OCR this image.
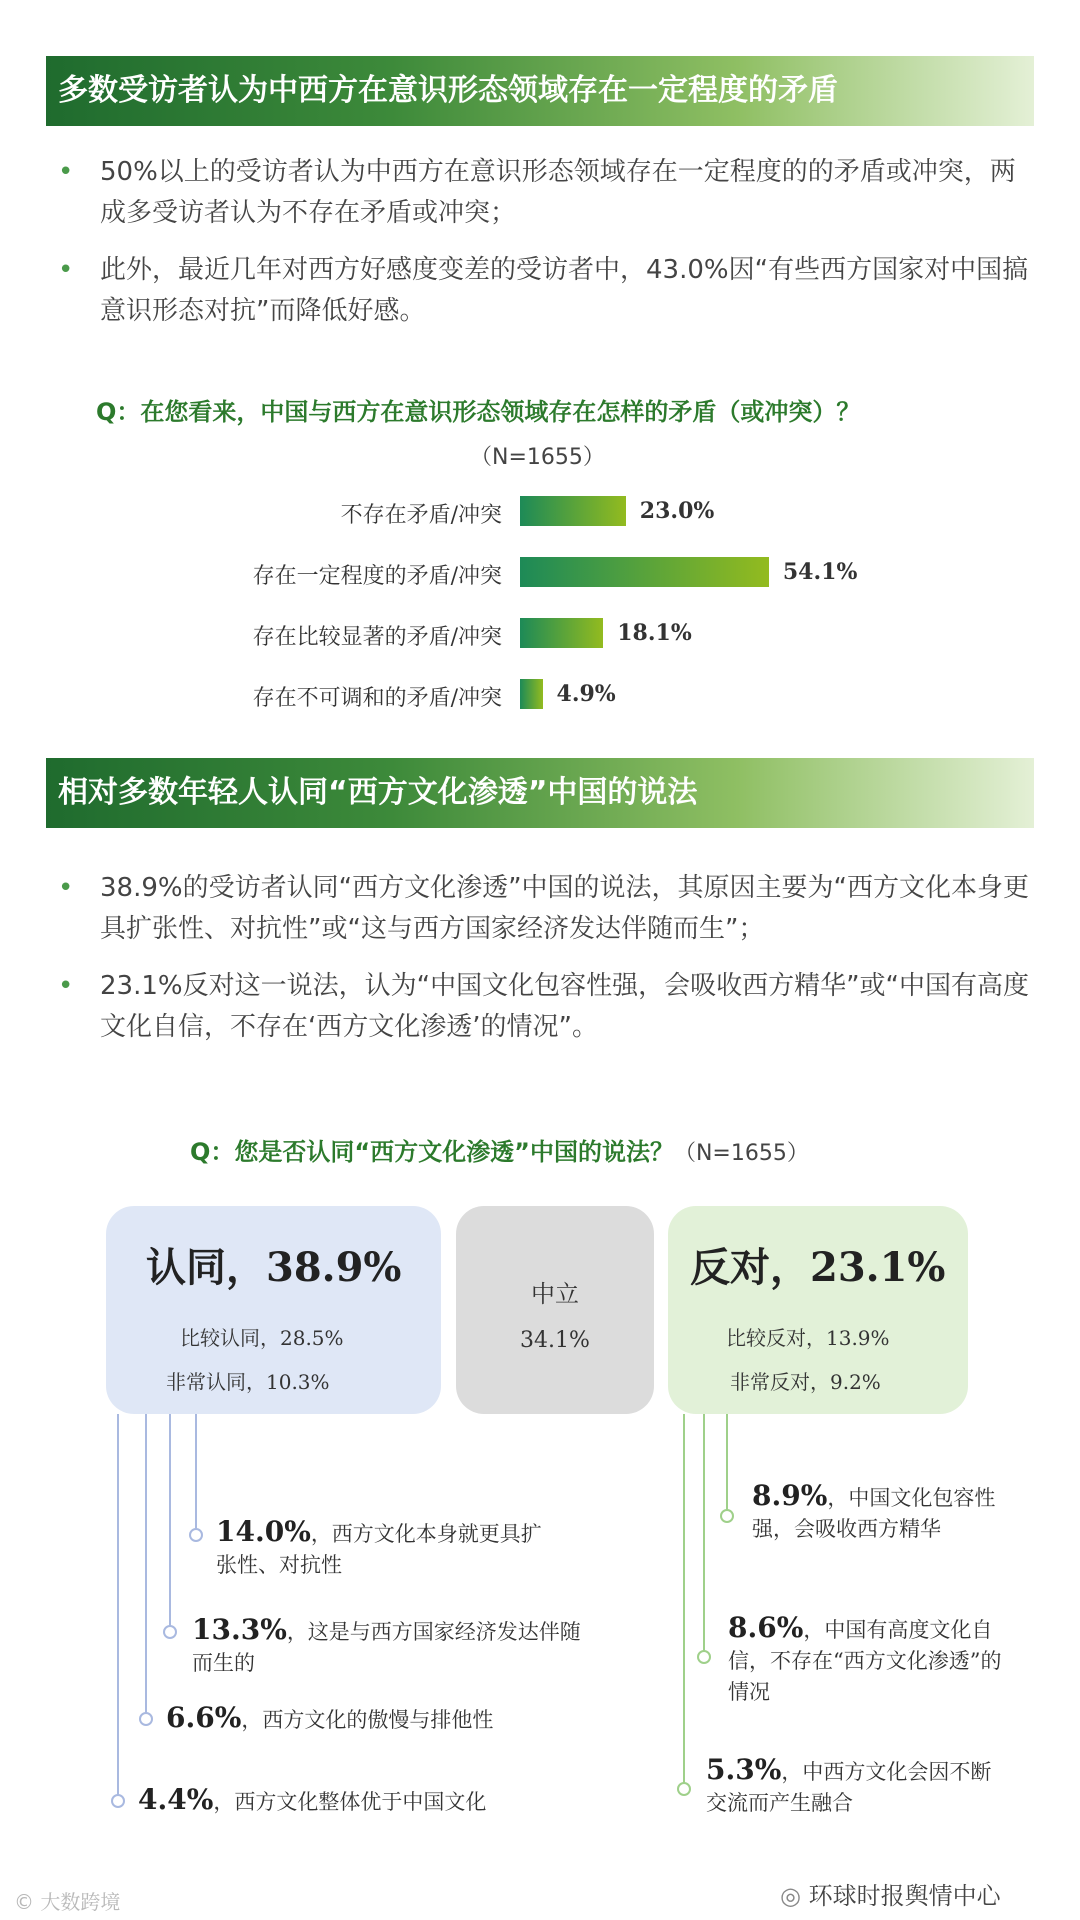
多数受访者认为中西方在意识形态领域存在一定程度的矛盾
• 50%以上的受访者认为中西方在意识形态领域存在一定程度的的矛盾或冲突，两成多受访者认为不存在矛盾或冲突；
• 此外，最近几年对西方好感度变差的受访者中，43.0%因“有些西方国家对中国搞意识形态对抗”而降低好感。
Q：在您看来，中国与西方在意识形态领域存在怎样的矛盾（或冲突）？
（N=1655）
不存在矛盾/冲突
存在一定程度的矛盾/冲突
存在比较显著的矛盾/冲突
存在不可调和的矛盾/冲突
23.0%
54.1%
18.1%
4.9%
相对多数年轻人认同“西方文化渗透”中国的说法
• 38.9%的受访者认同“西方文化渗透”中国的说法，其原因主要为“西方文化本身更具扩张性、对抗性”或“这与西方国家经济发达伴随而生”；
• 23.1%反对这一说法，认为“中国文化包容性强，会吸收西方精华”或“中国有高度文化自信，不存在‘西方文化渗透’的情况”。
Q：您是否认同“西方文化渗透”中国的说法？（N=1655）
认同，38.9%
比较认同，28.5%
非常认同，10.3%
中立
34.1%
反对，23.1%
比较反对，13.9%
非常反对，9.2%
14.0%，西方文化本身就更具扩张性、对抗性
13.3%，这是与西方国家经济发达伴随而生的
6.6%，西方文化的傲慢与排他性
4.4%，西方文化整体优于中国文化
8.9%，中国文化包容性强，会吸收西方精华
8.6%，中国有高度文化自信，不存在“西方文化渗透”的情况
5.3%，中西方文化会因不断交流而产生融合
© 大数跨境	◎ 环球时报舆情中心
